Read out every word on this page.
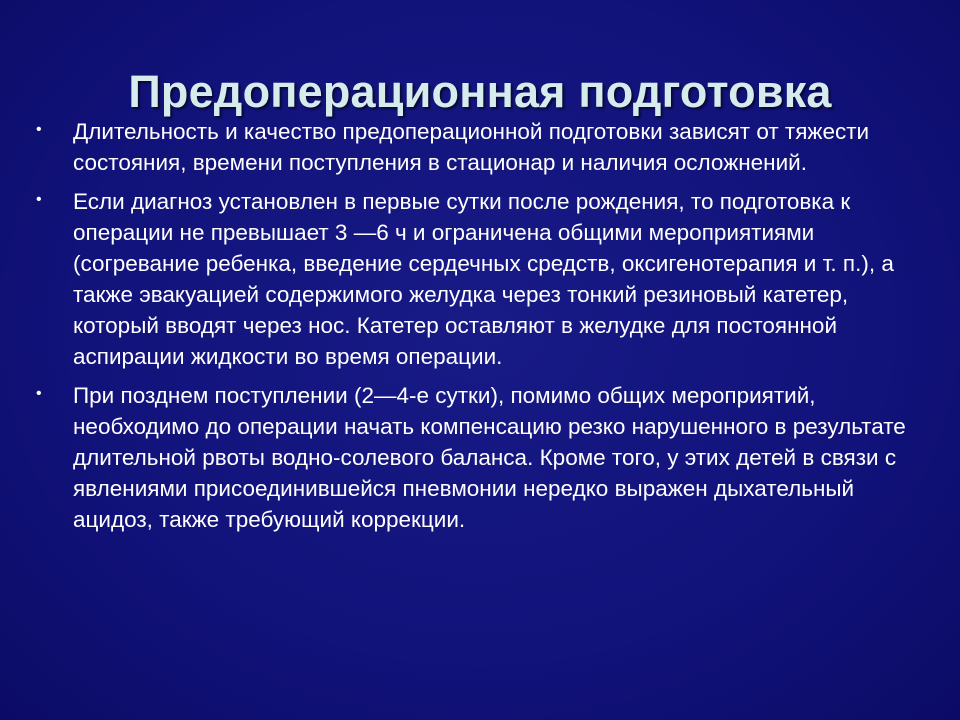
Предоперационная подготовка
•	Длительность и качество предоперационной подготовки зависят от тяжести состояния, времени поступления в стационар и наличия осложнений.
•	Если диагноз установлен в первые сутки после рождения, то подготовка к операции не превышает 3 —6 ч и ограничена общими мероприятиями (согревание ребенка, введение сердечных средств, оксигенотерапия и т. п.), а также эвакуацией содержимого желудка через тонкий резиновый катетер, который вводят через нос. Катетер оставляют в желудке для постоянной аспирации жидкости во время операции.
•	При позднем поступлении (2—4-е сутки), помимо общих мероприятий, необходимо до операции начать компенсацию резко нарушенного в результате длительной рвоты водно-солевого баланса. Кроме того, у этих детей в связи с явлениями присоединившейся пневмонии нередко выражен дыхательный ацидоз, также требующий коррекции.
